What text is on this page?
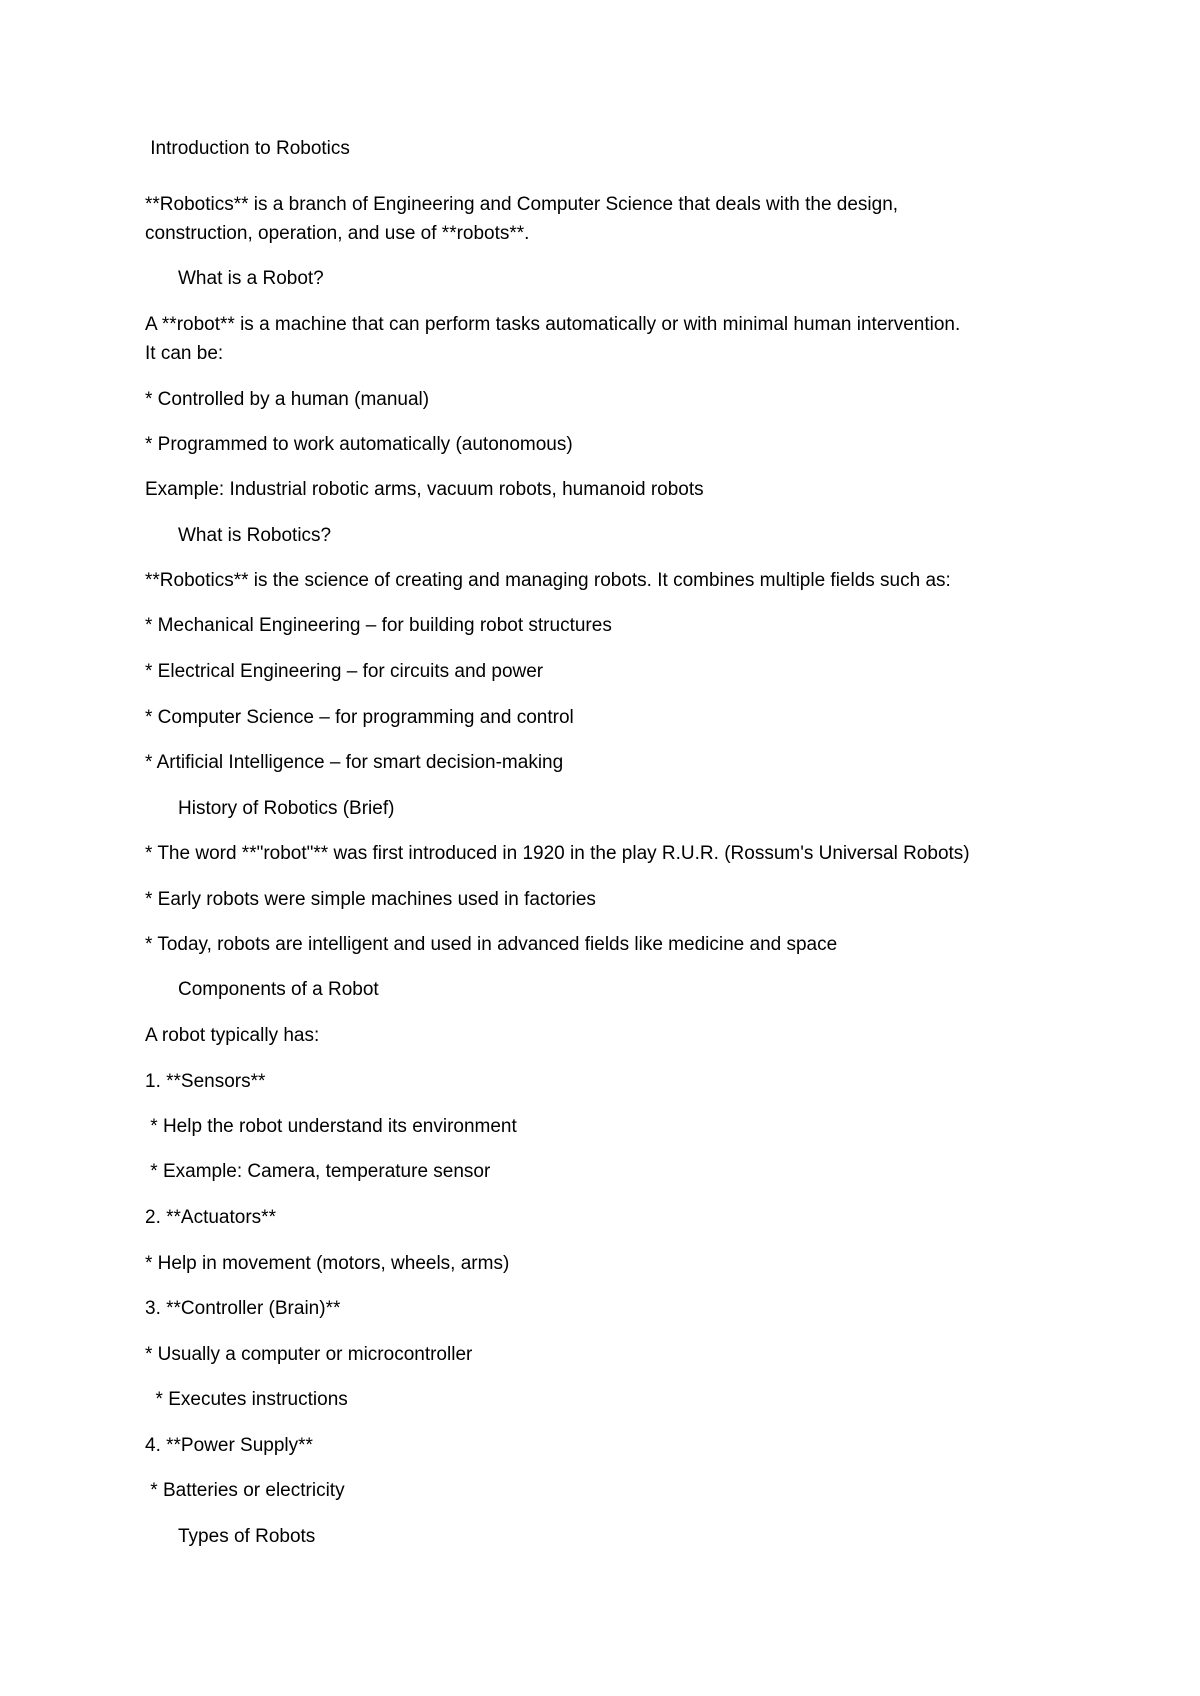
Introduction to Robotics
**Robotics** is a branch of Engineering and Computer Science that deals with the design,
construction, operation, and use of **robots**.
What is a Robot?
A **robot** is a machine that can perform tasks automatically or with minimal human intervention.
It can be:
* Controlled by a human (manual)
* Programmed to work automatically (autonomous)
Example: Industrial robotic arms, vacuum robots, humanoid robots
What is Robotics?
**Robotics** is the science of creating and managing robots. It combines multiple fields such as:
* Mechanical Engineering – for building robot structures
* Electrical Engineering – for circuits and power
* Computer Science – for programming and control
* Artificial Intelligence – for smart decision-making
History of Robotics (Brief)
* The word **"robot"** was first introduced in 1920 in the play R.U.R. (Rossum's Universal Robots)
* Early robots were simple machines used in factories
* Today, robots are intelligent and used in advanced fields like medicine and space
Components of a Robot
A robot typically has:
1. **Sensors**
* Help the robot understand its environment
* Example: Camera, temperature sensor
2. **Actuators**
* Help in movement (motors, wheels, arms)
3. **Controller (Brain)**
* Usually a computer or microcontroller
* Executes instructions
4. **Power Supply**
* Batteries or electricity
Types of Robots
